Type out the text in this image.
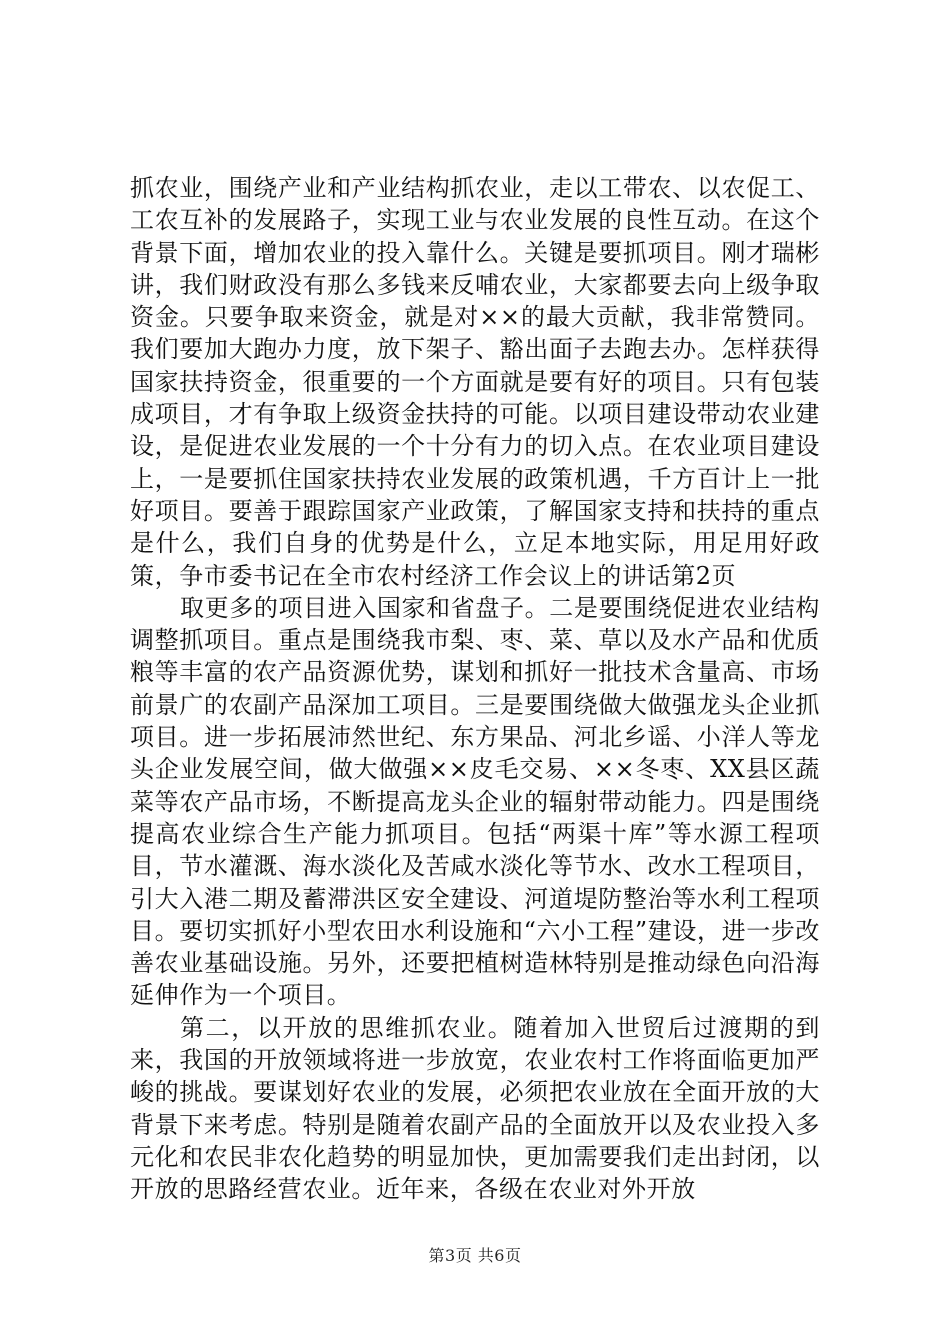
抓农业，围绕产业和产业结构抓农业，走以工带农、以农促工、工农互补的发展路子，实现工业与农业发展的良性互动。在这个背景下面，增加农业的投入靠什么。关键是要抓项目。刚才瑞彬讲，我们财政没有那么多钱来反哺农业，大家都要去向上级争取资金。只要争取来资金，就是对××的最大贡献，我非常赞同。我们要加大跑办力度，放下架子、豁出面子去跑去办。怎样获得国家扶持资金，很重要的一个方面就是要有好的项目。只有包装成项目，才有争取上级资金扶持的可能。以项目建设带动农业建设，是促进农业发展的一个十分有力的切入点。在农业项目建设上，一是要抓住国家扶持农业发展的政策机遇，千方百计上一批好项目。要善于跟踪国家产业政策，了解国家支持和扶持的重点是什么，我们自身的优势是什么，立足本地实际，用足用好政策，争市委书记在全市农村经济工作会议上的讲话第2页

取更多的项目进入国家和省盘子。二是要围绕促进农业结构调整抓项目。重点是围绕我市梨、枣、菜、草以及水产品和优质粮等丰富的农产品资源优势，谋划和抓好一批技术含量高、市场前景广的农副产品深加工项目。三是要围绕做大做强龙头企业抓项目。进一步拓展沛然世纪、东方果品、河北乡谣、小洋人等龙头企业发展空间，做大做强××皮毛交易、××冬枣、XX县区蔬菜等农产品市场，不断提高龙头企业的辐射带动能力。四是围绕提高农业综合生产能力抓项目。包括“两渠十库”等水源工程项目，节水灌溉、海水淡化及苦咸水淡化等节水、改水工程项目，引大入港二期及蓄滞洪区安全建设、河道堤防整治等水利工程项目。要切实抓好小型农田水利设施和“六小工程”建设，进一步改善农业基础设施。另外，还要把植树造林特别是推动绿色向沿海延伸作为一个项目。

第二，以开放的思维抓农业。随着加入世贸后过渡期的到来，我国的开放领域将进一步放宽，农业农村工作将面临更加严峻的挑战。要谋划好农业的发展，必须把农业放在全面开放的大背景下来考虑。特别是随着农副产品的全面放开以及农业投入多元化和农民非农化趋势的明显加快，更加需要我们走出封闭，以开放的思路经营农业。近年来，各级在农业对外开放

第3页 共6页
